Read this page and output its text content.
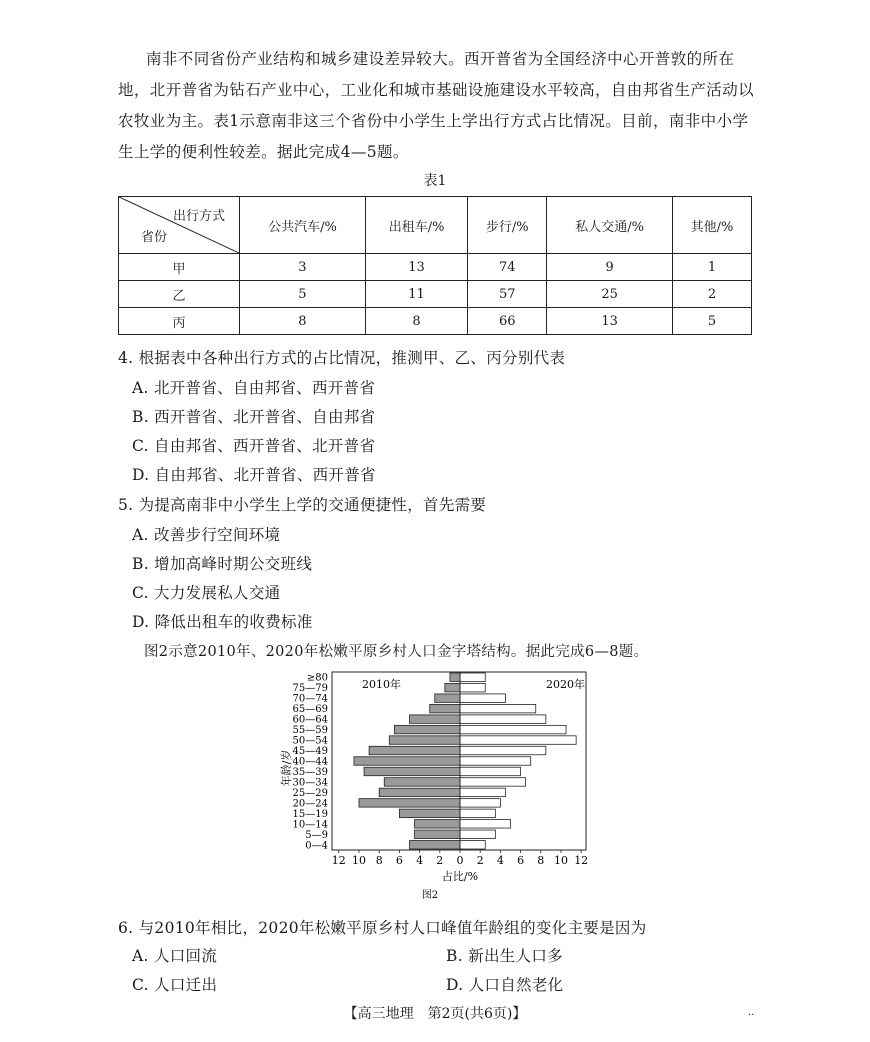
南非不同省份产业结构和城乡建设差异较大。西开普省为全国经济中心开普敦的所在地，北开普省为钻石产业中心，工业化和城市基础设施建设水平较高，自由邦省生产活动以农牧业为主。表1示意南非这三个省份中小学生上学出行方式占比情况。目前，南非中小学生上学的便利性较差。据此完成4—5题。
表1
出行方式
省份	公共汽车/%	出租车/%	步行/%	私人交通/%	其他/%
甲	3	13	74	9	1
乙	5	11	57	25	2
丙	8	8	66	13	5
4. 根据表中各种出行方式的占比情况，推测甲、乙、丙分别代表
A. 北开普省、自由邦省、西开普省
B. 西开普省、北开普省、自由邦省
C. 自由邦省、西开普省、北开普省
D. 自由邦省、北开普省、西开普省
5. 为提高南非中小学生上学的交通便捷性，首先需要
A. 改善步行空间环境
B. 增加高峰时期公交班线
C. 大力发展私人交通
D. 降低出租车的收费标准
图2示意2010年、2020年松嫩平原乡村人口金字塔结构。据此完成6—8题。
0—4
5—9
10—14
15—19
20—24
25—29
30—34
35—39
40—44
45—49
50—54
55—59
60—64
65—69
70—74
75—79
≥80
12 10 8 6 4 2 0 2 4 6 8 10 12
2010年	2020年
占比/%
图2
年龄/岁
6. 与2010年相比，2020年松嫩平原乡村人口峰值年龄组的变化主要是因为
A. 人口回流	B. 新出生人口多
C. 人口迁出	D. 人口自然老化
【高三地理　第2页(共6页)】	··
